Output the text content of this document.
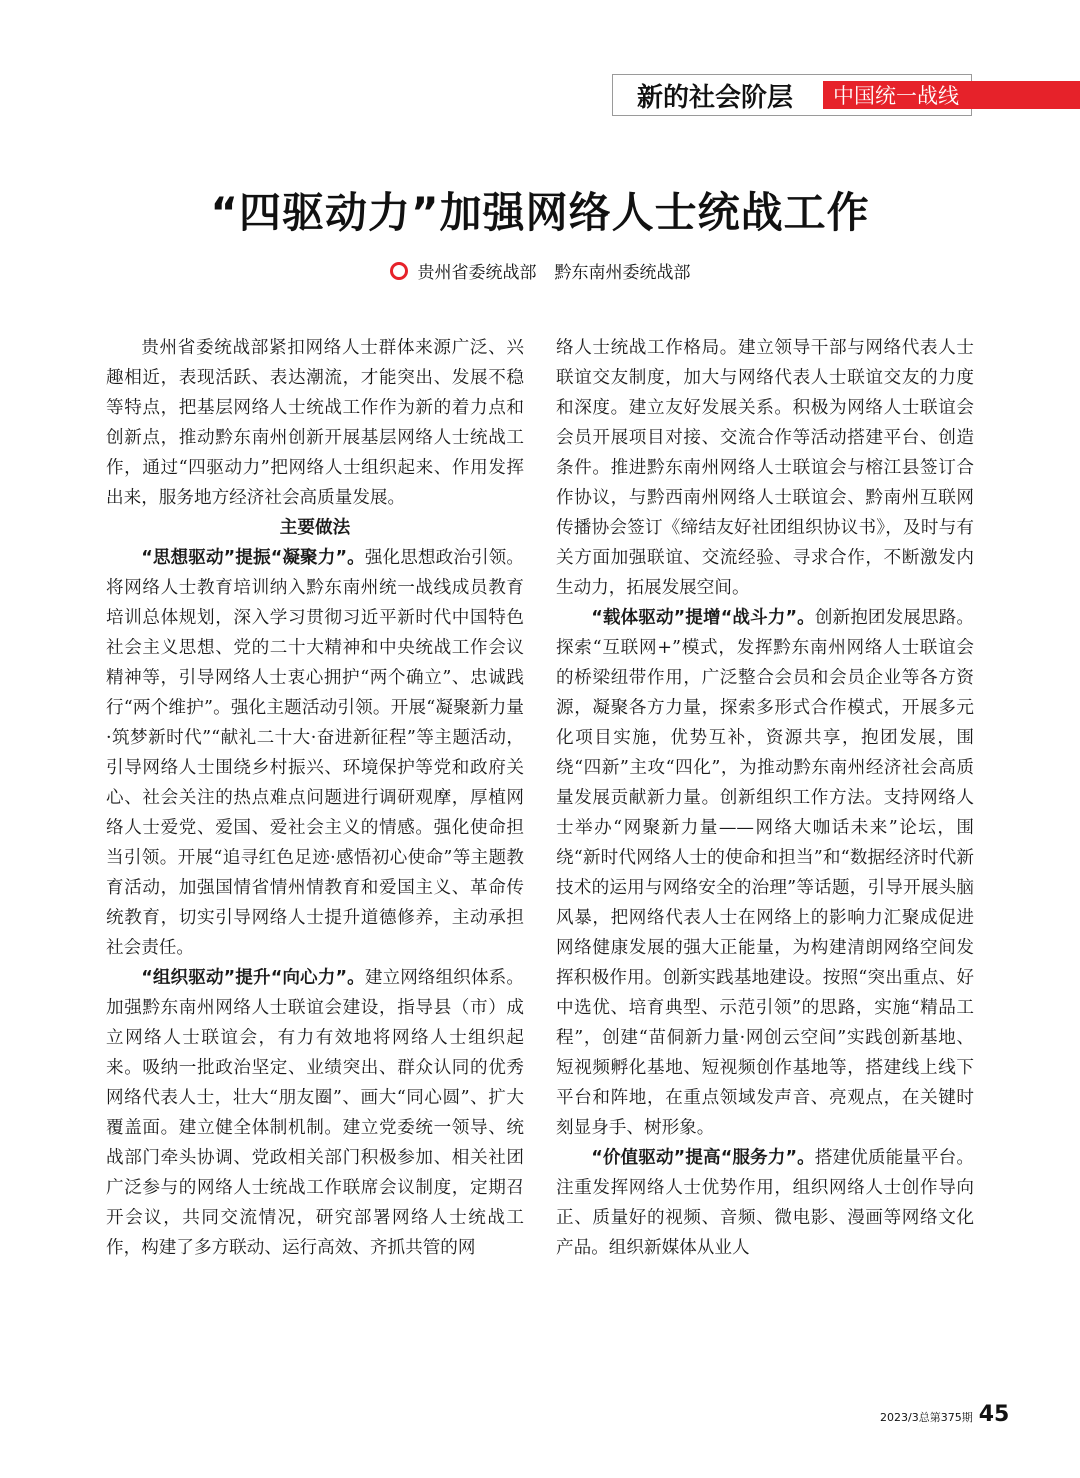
新的社会阶层	中国统一战线
“四驱动力”加强网络人士统战工作
贵州省委统战部 黔东南州委统战部

贵州省委统战部紧扣网络人士群体来源广泛、兴趣相近，表现活跃、表达潮流，才能突出、发展不稳等特点，把基层网络人士统战工作作为新的着力点和创新点，推动黔东南州创新开展基层网络人士统战工作，通过“四驱动力”把网络人士组织起来、作用发挥出来，服务地方经济社会高质量发展。

主要做法

“思想驱动”提振“凝聚力”。强化思想政治引领。将网络人士教育培训纳入黔东南州统一战线成员教育培训总体规划，深入学习贯彻习近平新时代中国特色社会主义思想、党的二十大精神和中央统战工作会议精神等，引导网络人士衷心拥护“两个确立”、忠诚践行“两个维护”。强化主题活动引领。开展“凝聚新力量·筑梦新时代”“献礼二十大·奋进新征程”等主题活动，引导网络人士围绕乡村振兴、环境保护等党和政府关心、社会关注的热点难点问题进行调研观摩，厚植网络人士爱党、爱国、爱社会主义的情感。强化使命担当引领。开展“追寻红色足迹·感悟初心使命”等主题教育活动，加强国情省情州情教育和爱国主义、革命传统教育，切实引导网络人士提升道德修养，主动承担社会责任。

“组织驱动”提升“向心力”。建立网络组织体系。加强黔东南州网络人士联谊会建设，指导县（市）成立网络人士联谊会，有力有效地将网络人士组织起来。吸纳一批政治坚定、业绩突出、群众认同的优秀网络代表人士，壮大“朋友圈”、画大“同心圆”、扩大覆盖面。建立健全体制机制。建立党委统一领导、统战部门牵头协调、党政相关部门积极参加、相关社团广泛参与的网络人士统战工作联席会议制度，定期召开会议，共同交流情况，研究部署网络人士统战工作，构建了多方联动、运行高效、齐抓共管的网

络人士统战工作格局。建立领导干部与网络代表人士联谊交友制度，加大与网络代表人士联谊交友的力度和深度。建立友好发展关系。积极为网络人士联谊会会员开展项目对接、交流合作等活动搭建平台、创造条件。推进黔东南州网络人士联谊会与榕江县签订合作协议，与黔西南州网络人士联谊会、黔南州互联网传播协会签订《缔结友好社团组织协议书》，及时与有关方面加强联谊、交流经验、寻求合作，不断激发内生动力，拓展发展空间。

“载体驱动”提增“战斗力”。创新抱团发展思路。探索“互联网+”模式，发挥黔东南州网络人士联谊会的桥梁纽带作用，广泛整合会员和会员企业等各方资源，凝聚各方力量，探索多形式合作模式，开展多元化项目实施，优势互补，资源共享，抱团发展，围绕“四新”主攻“四化”，为推动黔东南州经济社会高质量发展贡献新力量。创新组织工作方法。支持网络人士举办“网聚新力量——网络大咖话未来”论坛，围绕“新时代网络人士的使命和担当”和“数据经济时代新技术的运用与网络安全的治理”等话题，引导开展头脑风暴，把网络代表人士在网络上的影响力汇聚成促进网络健康发展的强大正能量，为构建清朗网络空间发挥积极作用。创新实践基地建设。按照“突出重点、好中选优、培育典型、示范引领”的思路，实施“精品工程”，创建“苗侗新力量·网创云空间”实践创新基地、短视频孵化基地、短视频创作基地等，搭建线上线下平台和阵地，在重点领域发声音、亮观点，在关键时刻显身手、树形象。

“价值驱动”提高“服务力”。搭建优质能量平台。注重发挥网络人士优势作用，组织网络人士创作导向正、质量好的视频、音频、微电影、漫画等网络文化产品。组织新媒体从业人

2023/3总第375期 45
